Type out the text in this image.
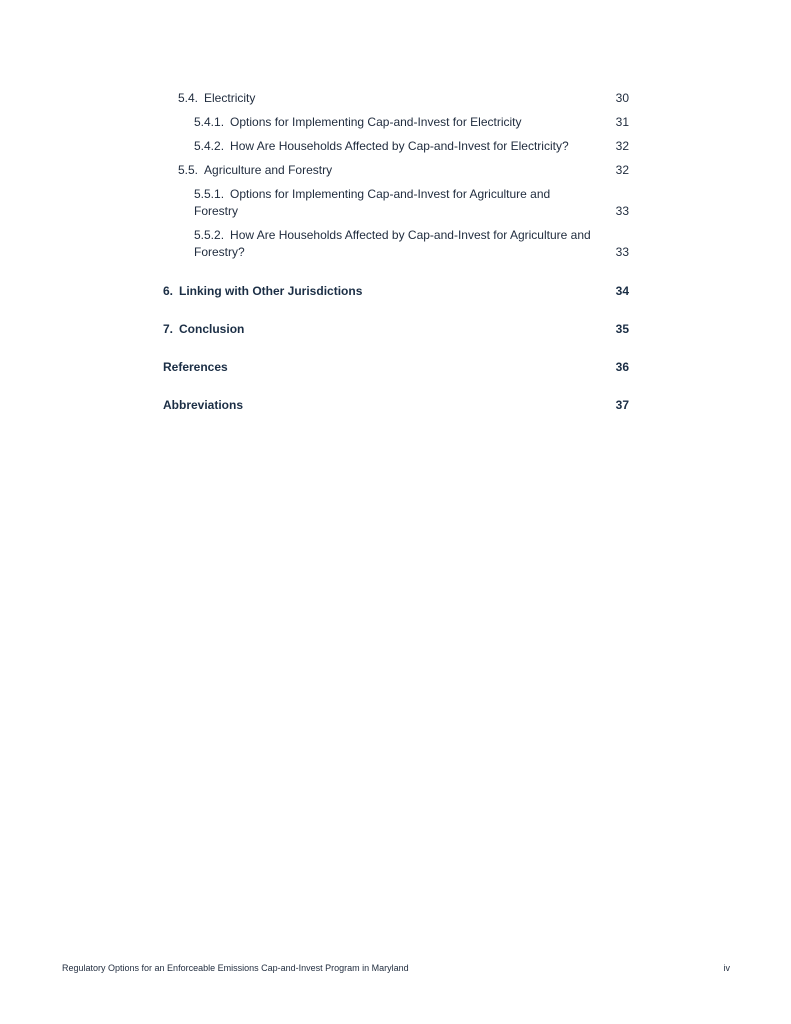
5.4. Electricity	30
5.4.1. Options for Implementing Cap-and-Invest for Electricity	31
5.4.2. How Are Households Affected by Cap-and-Invest for Electricity?	32
5.5. Agriculture and Forestry	32
5.5.1. Options for Implementing Cap-and-Invest for Agriculture and Forestry	33
5.5.2. How Are Households Affected by Cap-and-Invest for Agriculture and Forestry?	33
6. Linking with Other Jurisdictions	34
7. Conclusion	35
References	36
Abbreviations	37
Regulatory Options for an Enforceable Emissions Cap-and-Invest Program in Maryland	iv
